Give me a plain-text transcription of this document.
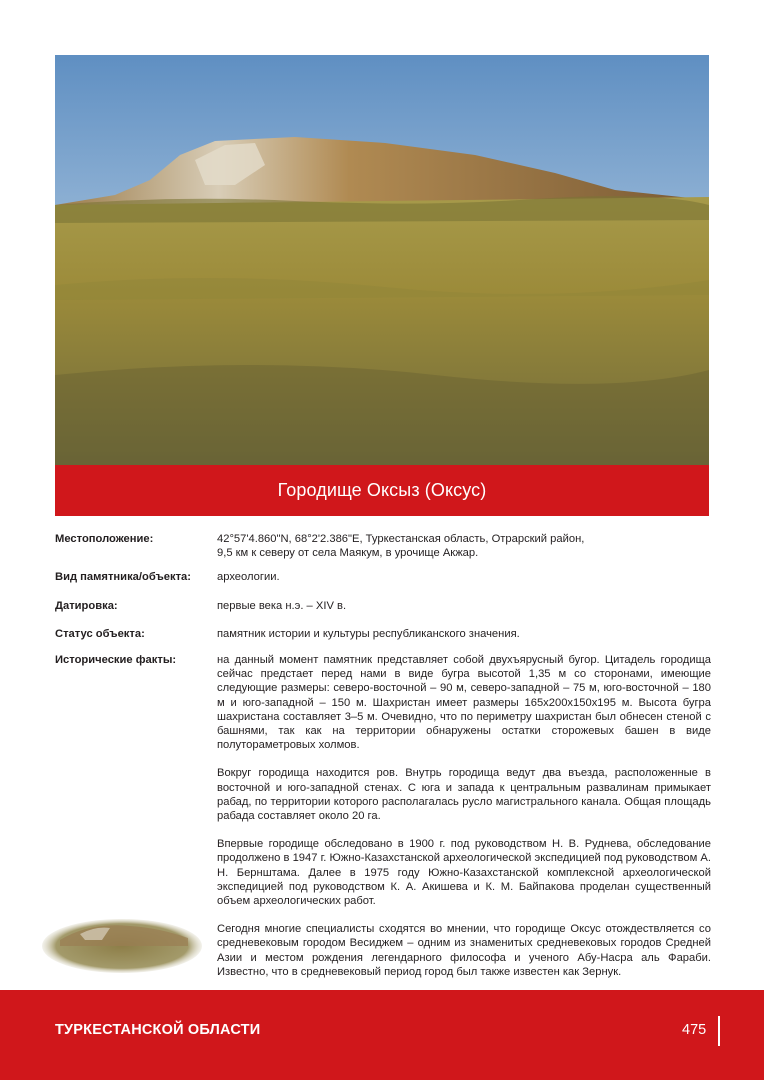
Городище Оксыз (Оксус)
Местоположение:	42°57'4.860"N, 68°2'2.386"E, Туркестанская область, Отрарский район, 9,5 км к северу от села Маякум, в урочище Акжар.
Вид памятника/объекта:	археологии.
Датировка:	первые века н.э. – XIV в.
Статус объекта:	памятник истории и культуры республиканского значения.
Исторические факты:	на данный момент памятник представляет собой двухъярусный бугор. Цитадель городища сейчас предстает перед нами в виде бугра высотой 1,35 м со сторонами, имеющие следующие размеры: северо-восточной – 90 м, северо-западной – 75 м, юго-восточной – 180 м и юго-западной – 150 м. Шахристан имеет размеры 165х200х150х195 м. Высота бугра шахристана составляет 3–5 м. Очевидно, что по периметру шахристан был обнесен стеной с башнями, так как на территории обнаружены остатки сторожевых башен в виде полутораметровых холмов.

Вокруг городища находится ров. Внутрь городища ведут два въезда, расположенные в восточной и юго-западной стенах. С юга и запада к центральным развалинам примыкает рабад, по территории которого располагалась русло магистрального канала. Общая площадь рабада составляет около 20 га.

Впервые городище обследовано в 1900 г. под руководством Н. В. Руднева, обследование продолжено в 1947 г. Южно-Казахстанской археологической экспедицией под руководством А. Н. Бернштама. Далее в 1975 году Южно-Казахстанской комплексной археологической экспедицией под руководством К. А. Акишева и К. М. Байпакова проделан существенный объем археологических работ.

Сегодня многие специалисты сходятся во мнении, что городище Оксус отождествляется со средневековым городом Весиджем – одним из знаменитых средневековых городов Средней Азии и местом рождения легендарного философа и ученого Абу-Насра аль Фараби. Известно, что в средневековый период город был также известен как Зернук.

ТУРКЕСТАНСКОЙ ОБЛАСТИ	475
